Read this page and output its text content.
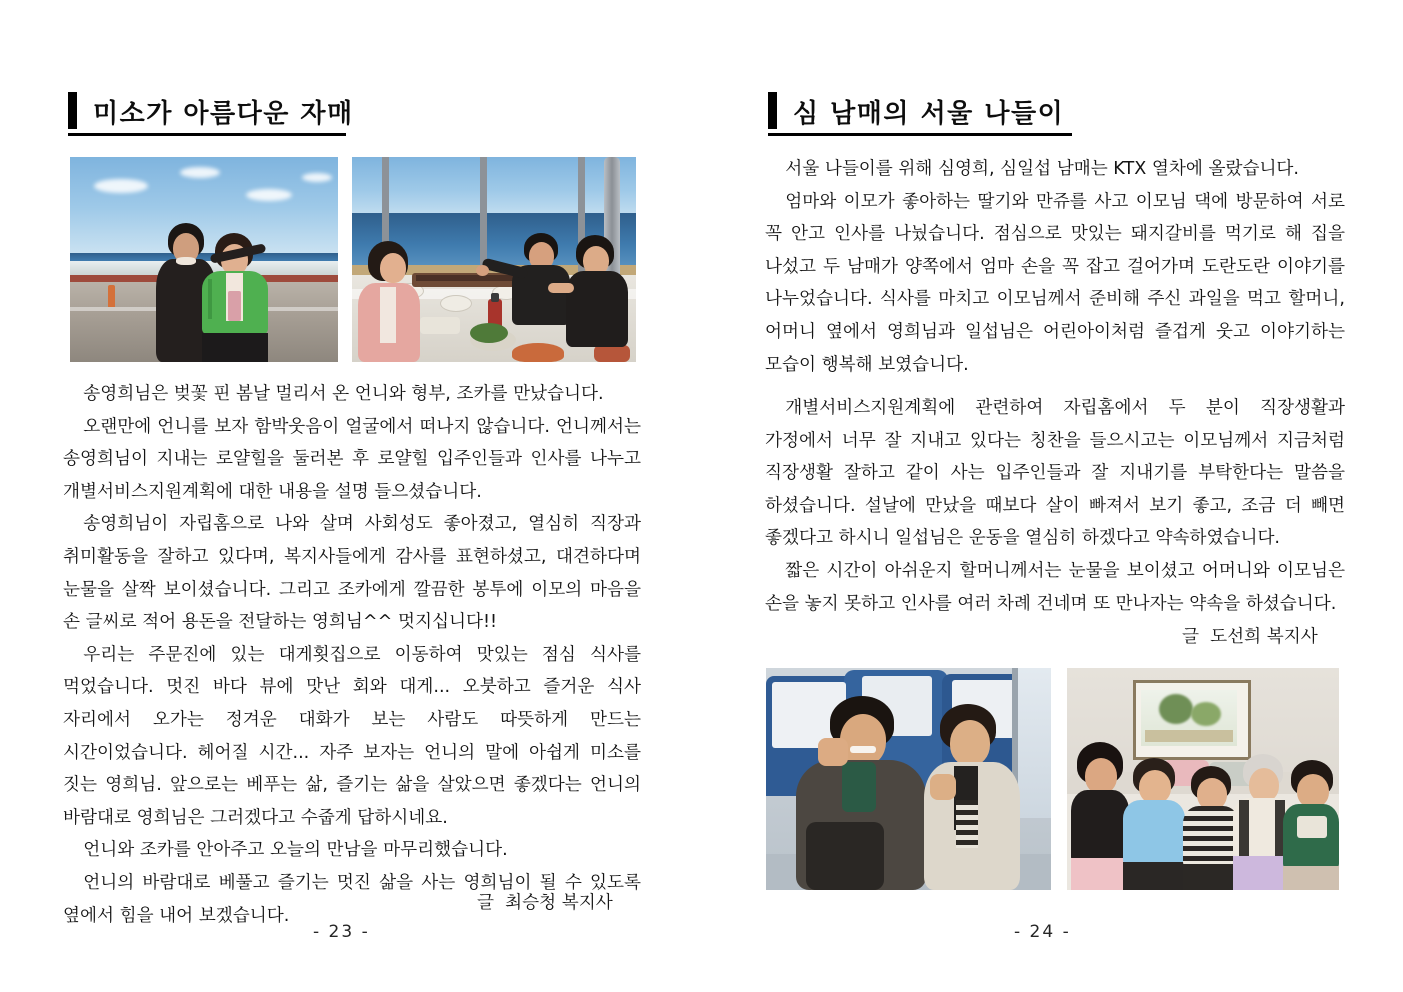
미소가 아름다운 자매

송영희님은 벚꽃 핀 봄날 멀리서 온 언니와 형부, 조카를 만났습니다.

오랜만에 언니를 보자 함박웃음이 얼굴에서 떠나지 않습니다. 언니께서는 송영희님이 지내는 로얄힐을 둘러본 후 로얄힐 입주인들과 인사를 나누고 개별서비스지원계획에 대한 내용을 설명 들으셨습니다.

송영희님이 자립홈으로 나와 살며 사회성도 좋아졌고, 열심히 직장과 취미활동을 잘하고 있다며, 복지사들에게 감사를 표현하셨고, 대견하다며 눈물을 살짝 보이셨습니다. 그리고 조카에게 깔끔한 봉투에 이모의 마음을 손 글씨로 적어 용돈을 전달하는 영희님^^ 멋지십니다!!

우리는 주문진에 있는 대게횟집으로 이동하여 맛있는 점심 식사를 먹었습니다. 멋진 바다 뷰에 맛난 회와 대게... 오붓하고 즐거운 식사 자리에서 오가는 정겨운 대화가 보는 사람도 따뜻하게 만드는 시간이었습니다. 헤어질 시간... 자주 보자는 언니의 말에 아쉽게 미소를 짓는 영희님. 앞으로는 베푸는 삶, 즐기는 삶을 살았으면 좋겠다는 언니의 바람대로 영희님은 그러겠다고 수줍게 답하시네요.

언니와 조카를 안아주고 오늘의 만남을 마무리했습니다.

언니의 바람대로 베풀고 즐기는 멋진 삶을 사는 영희님이 될 수 있도록 옆에서 힘을 내어 보겠습니다.

글  최승청 복지사
- 23 -
심 남매의 서울 나들이

서울 나들이를 위해 심영희, 심일섭 남매는 KTX 열차에 올랐습니다.

엄마와 이모가 좋아하는 딸기와 만쥬를 사고 이모님 댁에 방문하여 서로 꼭 안고 인사를 나눴습니다. 점심으로 맛있는 돼지갈비를 먹기로 해 집을 나섰고 두 남매가 양쪽에서 엄마 손을 꼭 잡고 걸어가며 도란도란 이야기를 나누었습니다. 식사를 마치고 이모님께서 준비해 주신 과일을 먹고 할머니, 어머니 옆에서 영희님과 일섭님은 어린아이처럼 즐겁게 웃고 이야기하는 모습이 행복해 보였습니다.

개별서비스지원계획에 관련하여 자립홈에서 두 분이 직장생활과 가정에서 너무 잘 지내고 있다는 칭찬을 들으시고는 이모님께서 지금처럼 직장생활 잘하고 같이 사는 입주인들과 잘 지내기를 부탁한다는 말씀을 하셨습니다. 설날에 만났을 때보다 살이 빠져서 보기 좋고, 조금 더 빼면 좋겠다고 하시니 일섭님은 운동을 열심히 하겠다고 약속하였습니다.

짧은 시간이 아쉬운지 할머니께서는 눈물을 보이셨고 어머니와 이모님은 손을 놓지 못하고 인사를 여러 차례 건네며 또 만나자는 약속을 하셨습니다.

글  도선희 복지사
- 24 -
